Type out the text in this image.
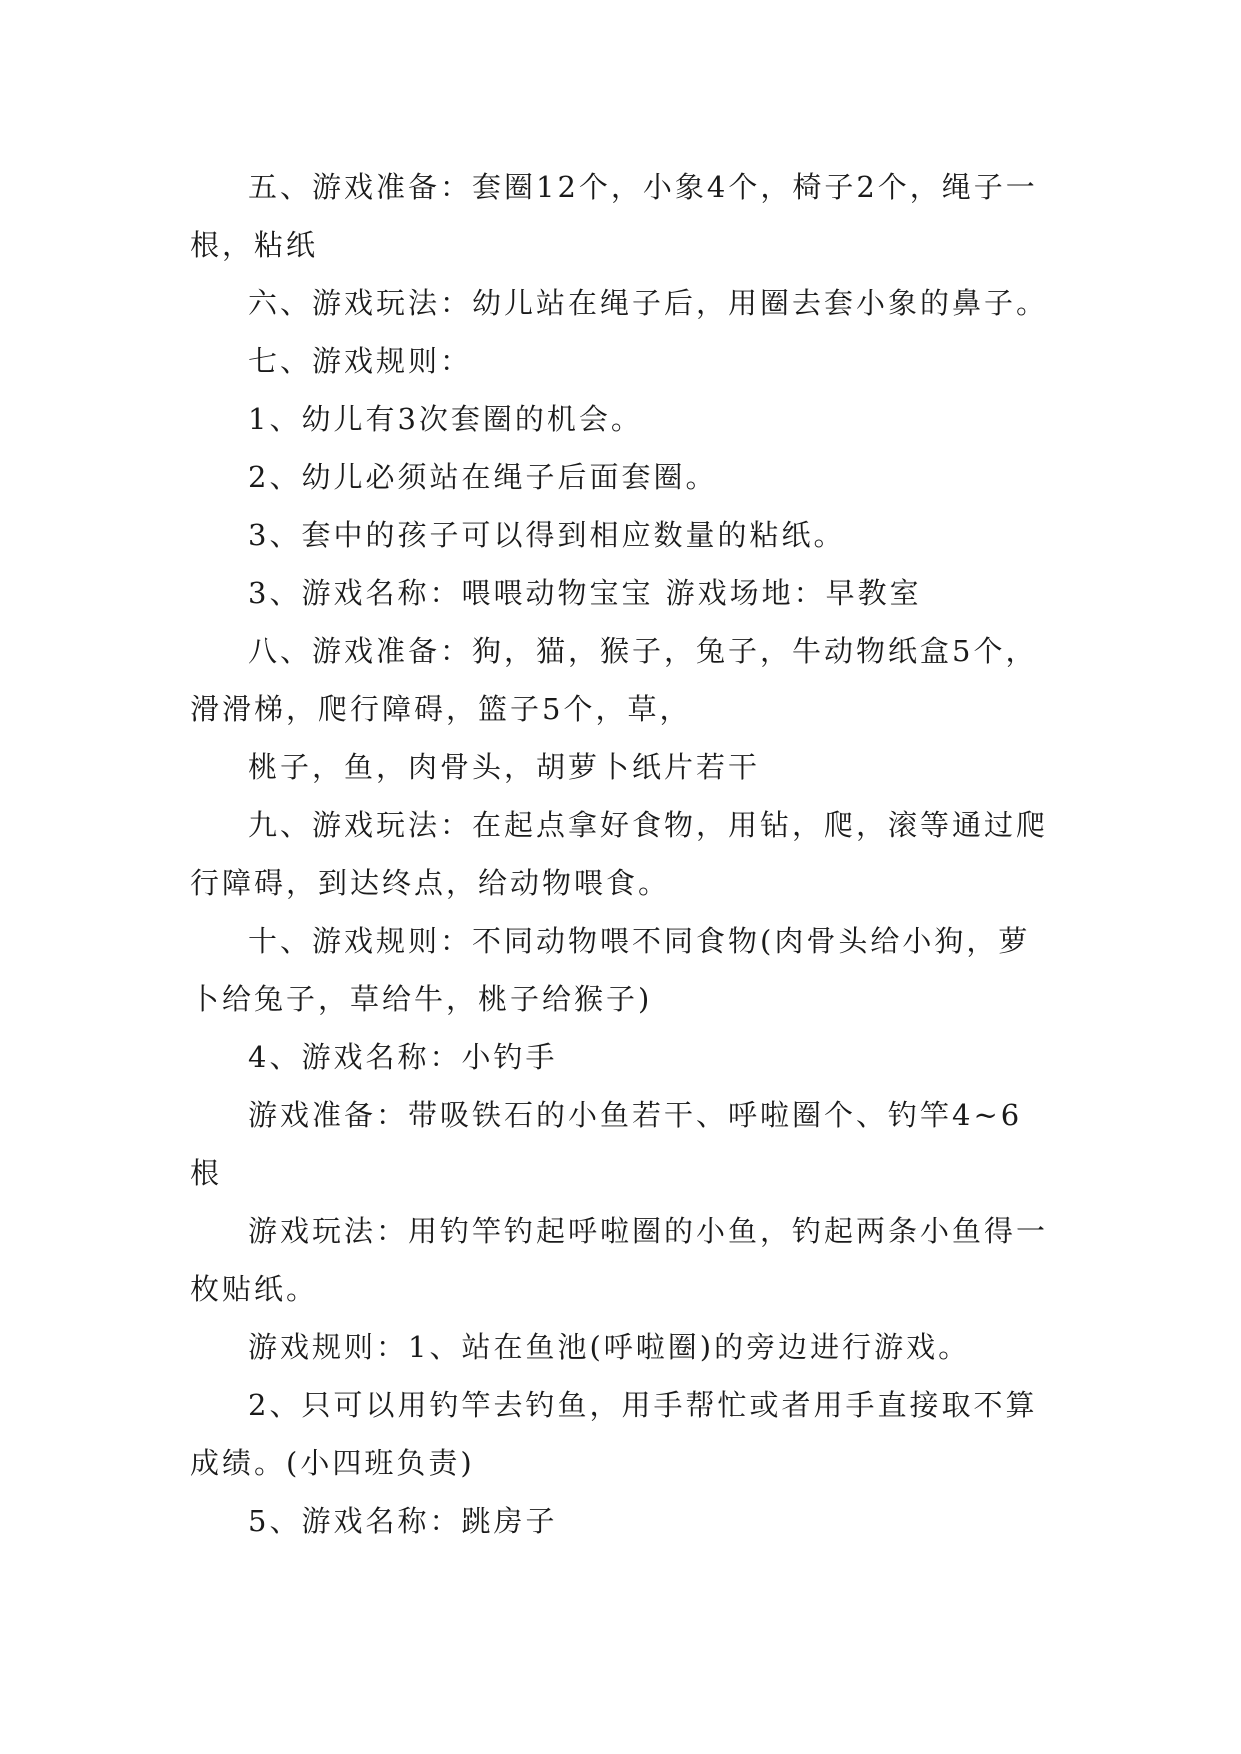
五、游戏准备：套圈12个，小象4个，椅子2个，绳子一根，粘纸

六、游戏玩法：幼儿站在绳子后，用圈去套小象的鼻子。

七、游戏规则：

1、幼儿有3次套圈的机会。

2、幼儿必须站在绳子后面套圈。

3、套中的孩子可以得到相应数量的粘纸。

3、游戏名称：喂喂动物宝宝 游戏场地：早教室

八、游戏准备：狗，猫，猴子，兔子，牛动物纸盒5个，滑滑梯，爬行障碍，篮子5个，草，

桃子，鱼，肉骨头，胡萝卜纸片若干

九、游戏玩法：在起点拿好食物，用钻，爬，滚等通过爬行障碍，到达终点，给动物喂食。

十、游戏规则：不同动物喂不同食物(肉骨头给小狗，萝卜给兔子，草给牛，桃子给猴子)

4、游戏名称：小钓手

游戏准备：带吸铁石的小鱼若干、呼啦圈个、钓竿4~6根

游戏玩法：用钓竿钓起呼啦圈的小鱼，钓起两条小鱼得一枚贴纸。

游戏规则：1、站在鱼池(呼啦圈)的旁边进行游戏。

2、只可以用钓竿去钓鱼，用手帮忙或者用手直接取不算成绩。(小四班负责)

5、游戏名称：跳房子
